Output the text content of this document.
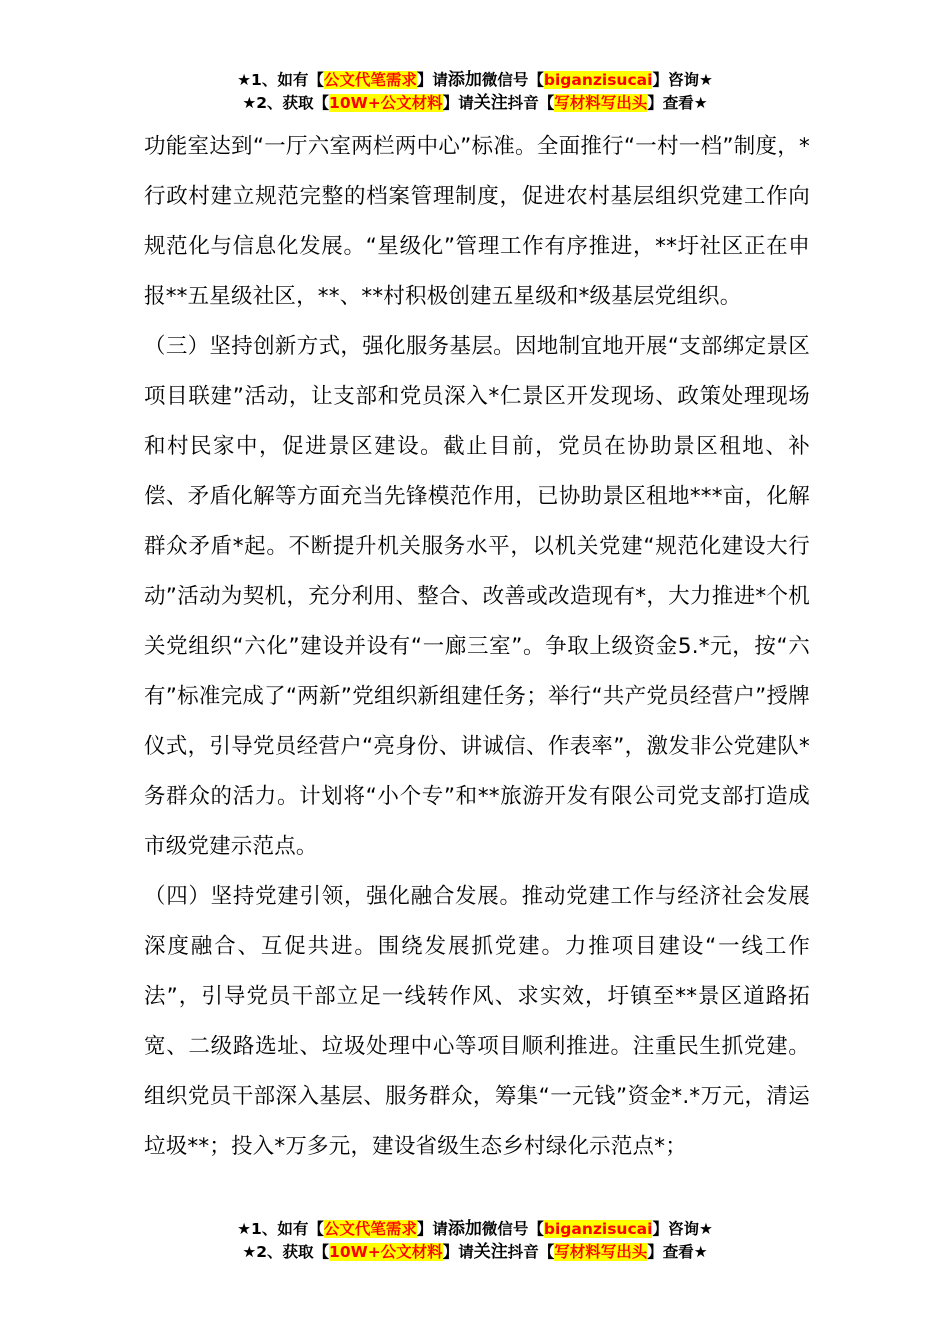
★1、如有【公文代笔需求】请添加微信号【biganzisucai】咨询★
★2、获取【10W+公文材料】请关注抖音【写材料写出头】查看★

功能室达到“一厅六室两栏两中心”标准。全面推行“一村一档”制度，*行政村建立规范完整的档案管理制度，促进农村基层组织党建工作向规范化与信息化发展。“星级化”管理工作有序推进，**圩社区正在申报**五星级社区，**、**村积极创建五星级和*级基层党组织。

（三）坚持创新方式，强化服务基层。因地制宜地开展“支部绑定景区项目联建”活动，让支部和党员深入*仁景区开发现场、政策处理现场和村民家中，促进景区建设。截止目前，党员在协助景区租地、补偿、矛盾化解等方面充当先锋模范作用，已协助景区租地***亩，化解群众矛盾*起。不断提升机关服务水平，以机关党建“规范化建设大行动”活动为契机，充分利用、整合、改善或改造现有*，大力推进*个机关党组织“六化”建设并设有“一廊三室”。争取上级资金5.*元，按“六有”标准完成了“两新”党组织新组建任务；举行“共产党员经营户”授牌仪式，引导党员经营户“亮身份、讲诚信、作表率”，激发非公党建队*务群众的活力。计划将“小个专”和**旅游开发有限公司党支部打造成市级党建示范点。

（四）坚持党建引领，强化融合发展。推动党建工作与经济社会发展深度融合、互促共进。围绕发展抓党建。力推项目建设“一线工作法”，引导党员干部立足一线转作风、求实效，圩镇至**景区道路拓宽、二级路选址、垃圾处理中心等项目顺利推进。注重民生抓党建。组织党员干部深入基层、服务群众，筹集“一元钱”资金*.*万元，清运垃圾**；投入*万多元，建设省级生态乡村绿化示范点*；

★1、如有【公文代笔需求】请添加微信号【biganzisucai】咨询★
★2、获取【10W+公文材料】请关注抖音【写材料写出头】查看★
